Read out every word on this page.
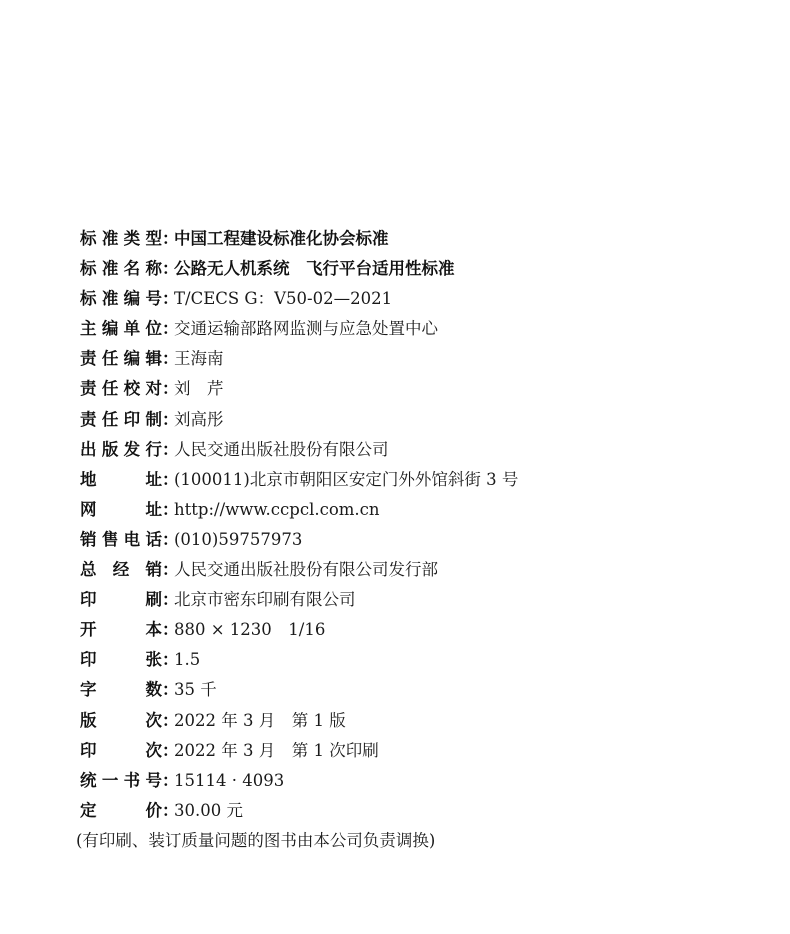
标准类型 ：
中国工程建设标准化协会标准
标准名称 ：
公路无人机系统　飞行平台适用性标准
标准编号 ：
T/CECS G：V50-02—2021
主编单位 ：
交通运输部路网监测与应急处置中心
责任编辑 ：
王海南
责任校对 ：
刘　芹
责任印制 ：
刘高彤
出版发行 ：
人民交通出版社股份有限公司
地址 ：
(100011)北京市朝阳区安定门外外馆斜街 3 号
网址 ：
http://www.ccpcl.com.cn
销售电话 ：
(010)59757973
总经销 ：
人民交通出版社股份有限公司发行部
印刷 ：
北京市密东印刷有限公司
开本 ：
880 × 1230　1/16
印张 ：
1.5
字数 ：
35 千
版次 ：
2022 年 3 月　第 1 版
印次 ：
2022 年 3 月　第 1 次印刷
统一书号 ：
15114 · 4093
定价 ：
30.00 元
(有印刷、装订质量问题的图书由本公司负责调换)
